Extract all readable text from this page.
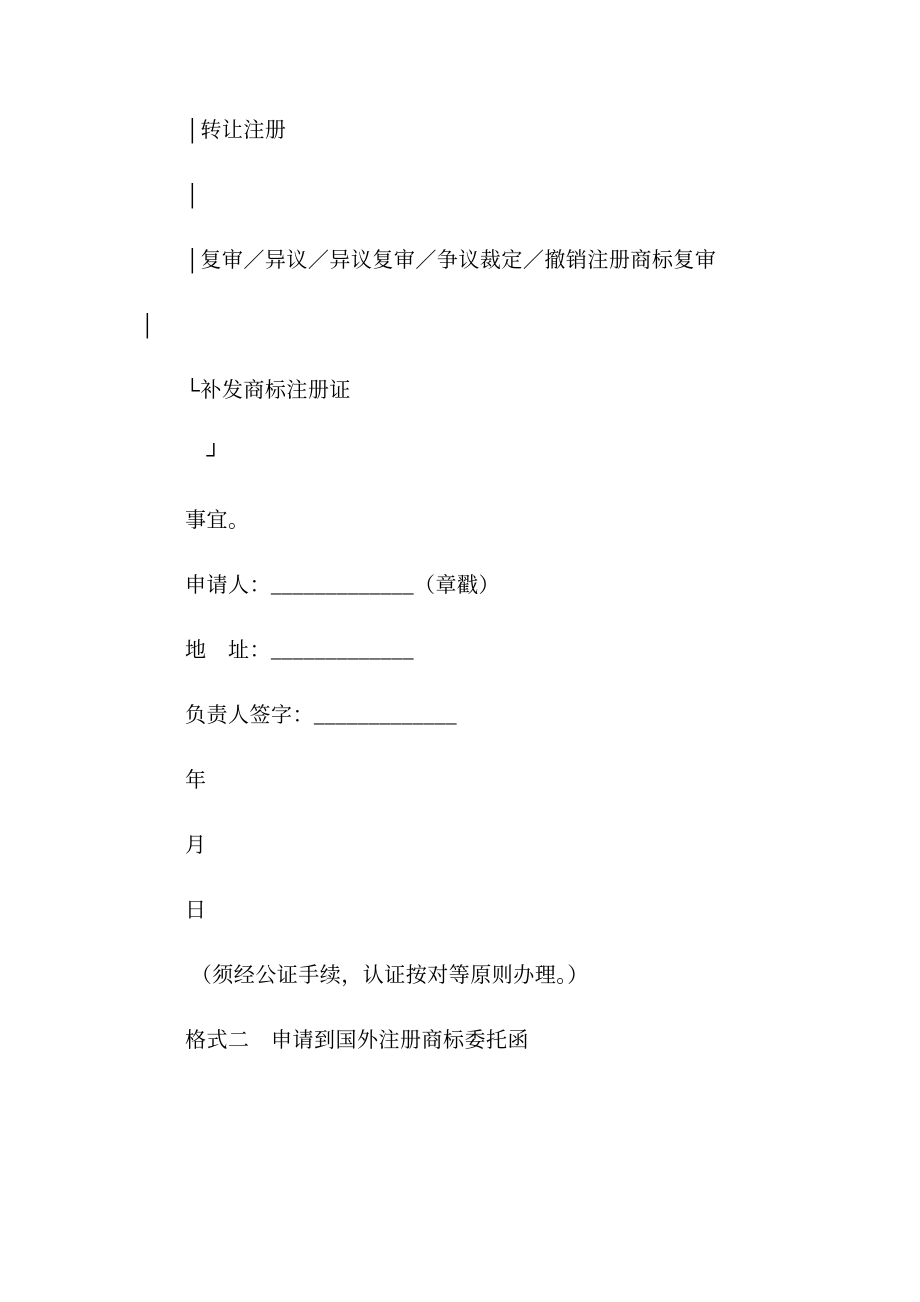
│转让注册

│

│复审／异议／异议复审／争议裁定／撤销注册商标复审

│

└补发商标注册证

　┘

事宜。

申请人：_____________（章戳）

地　址：_____________

负责人签字：_____________

年

月

日

（须经公证手续，认证按对等原则办理。）

格式二　申请到国外注册商标委托函
